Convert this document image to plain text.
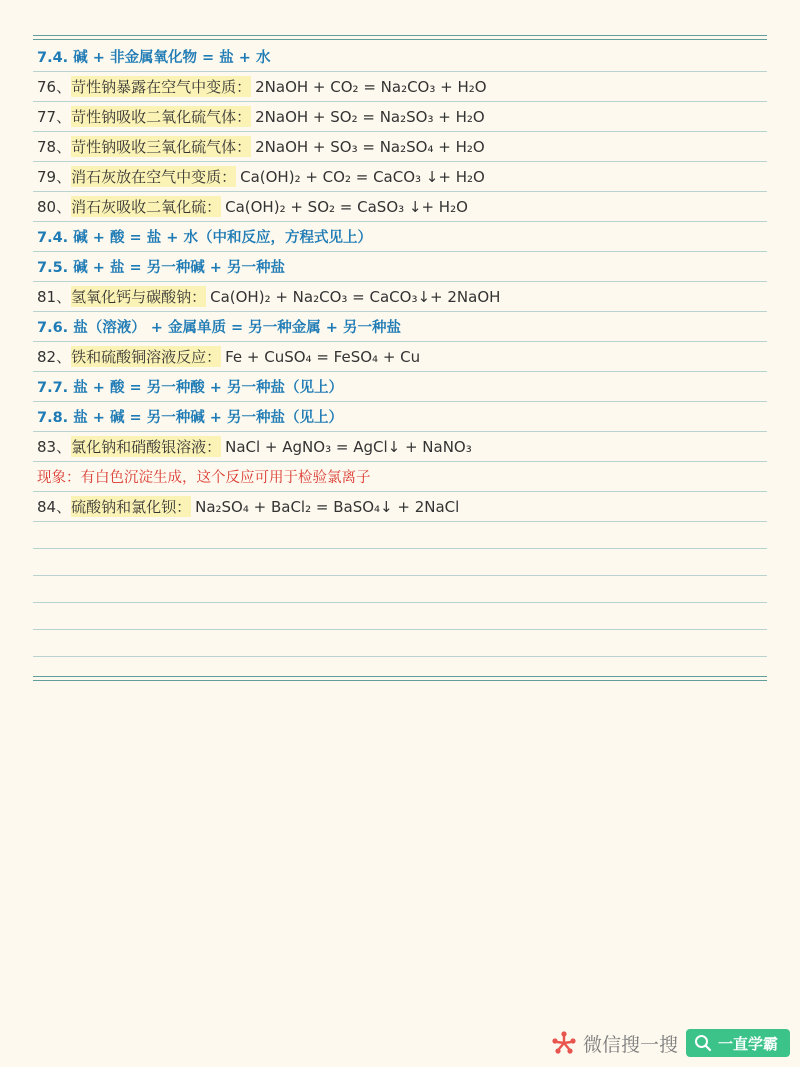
7.4. 碱 + 非金属氧化物 = 盐 + 水
76、 苛性钠暴露在空气中变质： 2NaOH + CO₂ = Na₂CO₃ + H₂O
77、 苛性钠吸收二氧化硫气体： 2NaOH + SO₂ = Na₂SO₃ + H₂O
78、 苛性钠吸收三氧化硫气体： 2NaOH + SO₃ = Na₂SO₄ + H₂O
79、 消石灰放在空气中变质： Ca(OH)₂ + CO₂ = CaCO₃ ↓+ H₂O
80、 消石灰吸收二氧化硫： Ca(OH)₂ + SO₂ = CaSO₃ ↓+ H₂O
7.4. 碱 + 酸 = 盐 + 水（中和反应，方程式见上）
7.5. 碱 + 盐 = 另一种碱 + 另一种盐
81、 氢氧化钙与碳酸钠： Ca(OH)₂ + Na₂CO₃ = CaCO₃↓+ 2NaOH
7.6. 盐（溶液） + 金属单质 = 另一种金属 + 另一种盐
82、 铁和硫酸铜溶液反应： Fe + CuSO₄ = FeSO₄ + Cu
7.7. 盐 + 酸 = 另一种酸 + 另一种盐（见上）
7.8. 盐 + 碱 = 另一种碱 + 另一种盐（见上）
83、 氯化钠和硝酸银溶液： NaCl + AgNO₃ = AgCl↓ + NaNO₃
现象：有白色沉淀生成，这个反应可用于检验氯离子
84、 硫酸钠和氯化钡： Na₂SO₄ + BaCl₂ = BaSO₄↓ + 2NaCl
微信搜一搜	一直学霸
